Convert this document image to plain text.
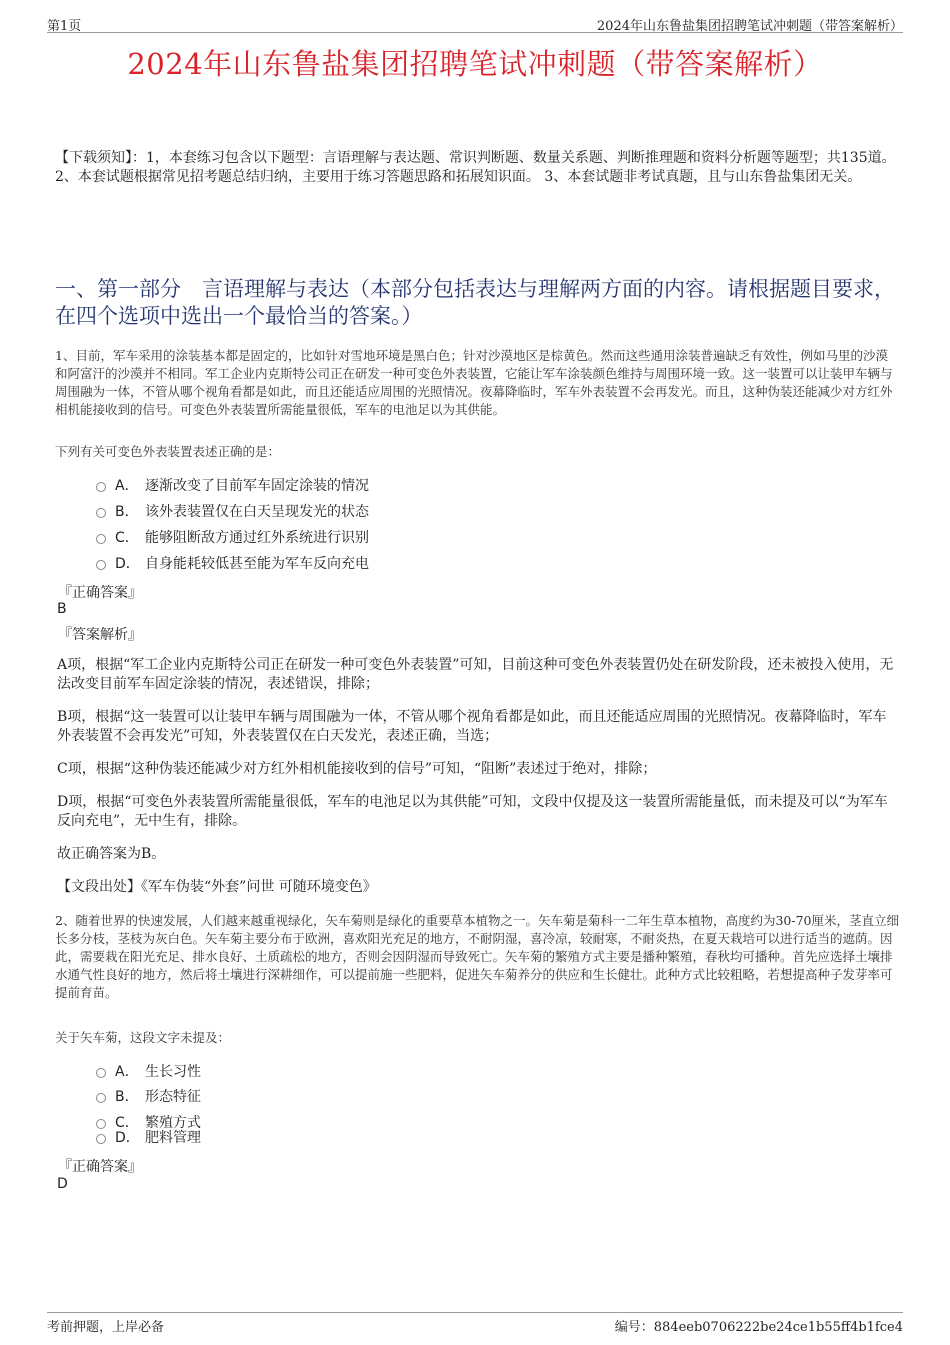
第1页	2024年山东鲁盐集团招聘笔试冲刺题（带答案解析）
2024年山东鲁盐集团招聘笔试冲刺题（带答案解析）
【下载须知】：1，本套练习包含以下题型：言语理解与表达题、常识判断题、数量关系题、判断推理题和资料分析题等题型；共135道。 2、本套试题根据常见招考题总结归纳，主要用于练习答题思路和拓展知识面。 3、本套试题非考试真题，且与山东鲁盐集团无关。
一、第一部分　言语理解与表达（本部分包括表达与理解两方面的内容。请根据题目要求，在四个选项中选出一个最恰当的答案。）
1、目前，军车采用的涂装基本都是固定的，比如针对雪地环境是黑白色；针对沙漠地区是棕黄色。然而这些通用涂装普遍缺乏有效性，例如马里的沙漠和阿富汗的沙漠并不相同。军工企业内克斯特公司正在研发一种可变色外表装置，它能让军车涂装颜色维持与周围环境一致。这一装置可以让装甲车辆与周围融为一体，不管从哪个视角看都是如此，而且还能适应周围的光照情况。夜幕降临时，军车外表装置不会再发光。而且，这种伪装还能减少对方红外相机能接收到的信号。可变色外表装置所需能量很低，军车的电池足以为其供能。
下列有关可变色外表装置表述正确的是：
A． 逐渐改变了目前军车固定涂装的情况
B． 该外表装置仅在白天呈现发光的状态
C． 能够阻断敌方通过红外系统进行识别
D． 自身能耗较低甚至能为军车反向充电
『正确答案』
B
『答案解析』
A项，根据“军工企业内克斯特公司正在研发一种可变色外表装置”可知，目前这种可变色外表装置仍处在研发阶段，还未被投入使用，无法改变目前军车固定涂装的情况，表述错误，排除；
B项，根据“这一装置可以让装甲车辆与周围融为一体，不管从哪个视角看都是如此，而且还能适应周围的光照情况。夜幕降临时，军车外表装置不会再发光”可知，外表装置仅在白天发光，表述正确，当选；
C项，根据“这种伪装还能减少对方红外相机能接收到的信号”可知，“阻断”表述过于绝对，排除；
D项，根据“可变色外表装置所需能量很低，军车的电池足以为其供能”可知，文段中仅提及这一装置所需能量低，而未提及可以“为军车反向充电”，无中生有，排除。
故正确答案为B。
【文段出处】《军车伪装“外套”问世 可随环境变色》
2、随着世界的快速发展，人们越来越重视绿化，矢车菊则是绿化的重要草本植物之一。矢车菊是菊科一二年生草本植物，高度约为30-70厘米，茎直立细长多分枝，茎枝为灰白色。矢车菊主要分布于欧洲，喜欢阳光充足的地方，不耐阴湿，喜冷凉，较耐寒，不耐炎热，在夏天栽培可以进行适当的遮荫。因此，需要栽在阳光充足、排水良好、土质疏松的地方，否则会因阴湿而导致死亡。矢车菊的繁殖方式主要是播种繁殖，春秋均可播种。首先应选择土壤排水通气性良好的地方，然后将土壤进行深耕细作，可以提前施一些肥料，促进矢车菊养分的供应和生长健壮。此种方式比较粗略，若想提高种子发芽率可提前育苗。
关于矢车菊，这段文字未提及：
A． 生长习性
B． 形态特征
C． 繁殖方式
D． 肥料管理
『正确答案』
D
考前押题，上岸必备	编号：884eeb0706222be24ce1b55ff4b1fce4
